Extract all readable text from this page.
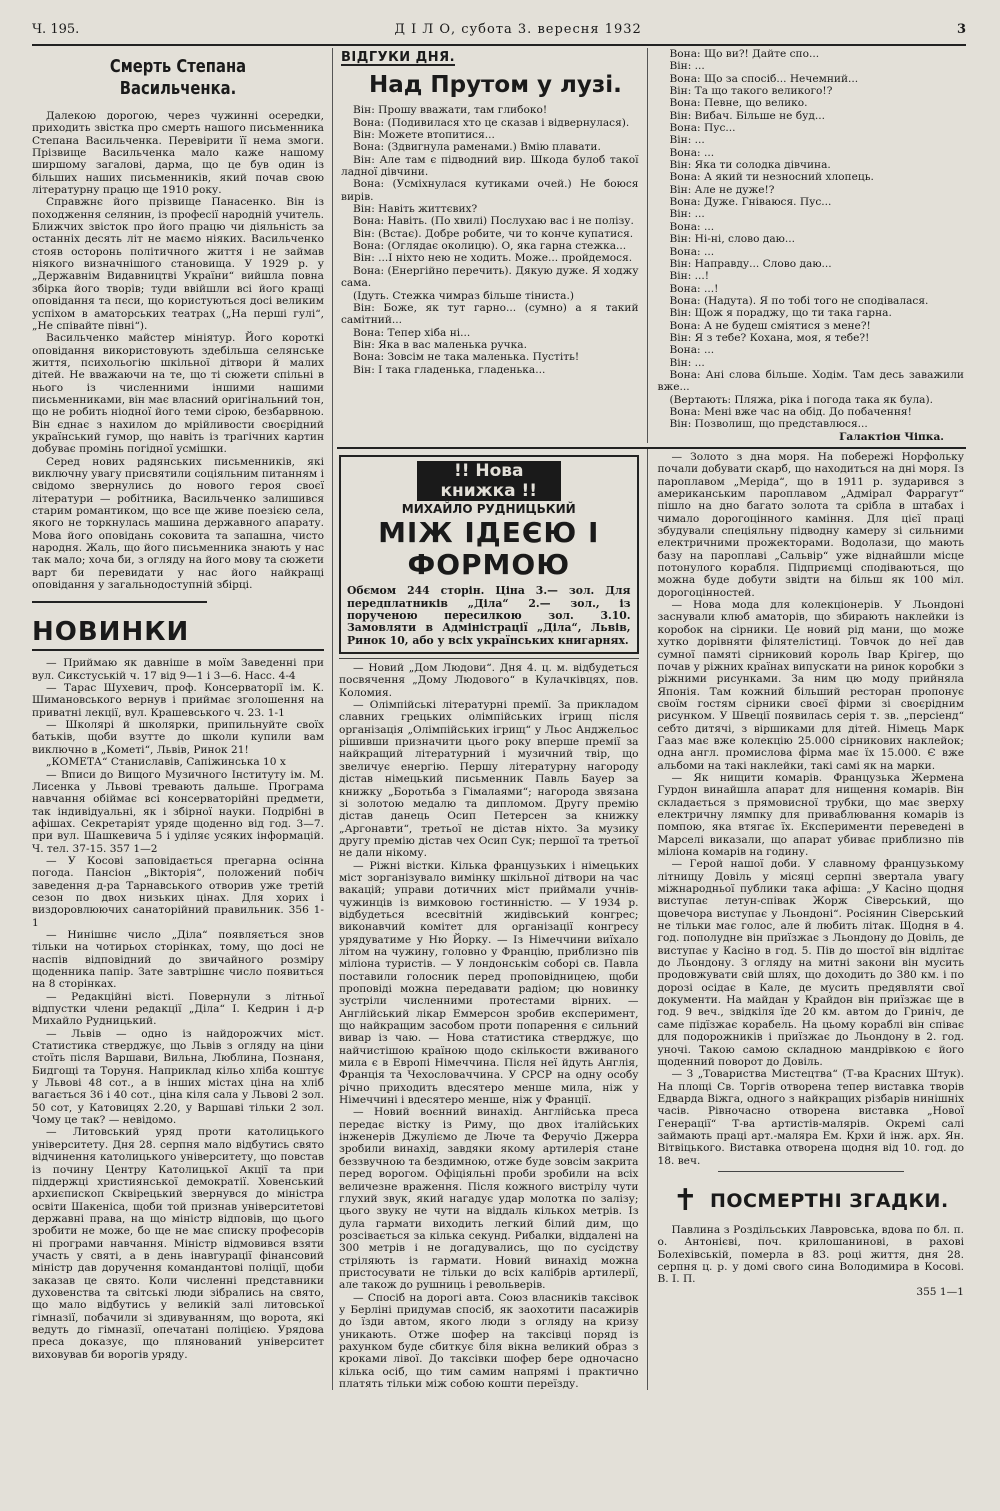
Ч. 195.	Д І Л О, субота 3. вересня 1932	3
Смерть Степана Васильченка.

Далекою дорогою, через чужинні осередки, приходить звістка про смерть нашого письменника Степана Васильченка. Перевірити її нема змоги. Прізвище Васильченка мало каже нашому ширшому загалові, дарма, що це був один із більших наших письменників, який почав свою літературну працю ще 1910 року.

Справжнє його прізвище Панасенко. Він із походження селянин, із професії народній учитель. Ближчих звісток про його працю чи діяльність за останніх десять літ не маємо ніяких. Васильченко стояв осторонь політичного життя і не займав ніякого визначнішого становища. У 1929 р. у „Державнім Видавництві України“ вийшла повна збірка його творів; туди ввійшли всі його кращі оповідання та пєси, що користуються досі великим успіхом в аматорських театрах („На перші гулі“, „Не співайте півні“).

Васильченко майстер мініятур. Його короткі оповідання використовують здебільша селянське життя, психольогію шкільної дітвори й малих дітей. Не вважаючи на те, що ті сюжети спільні в нього із численними іншими нашими письменниками, він має власний оригінальний тон, що не робить ніодної його теми сірою, безбарвною. Він єднає з нахилом до мрійливости своєрідний український гумор, що навіть із трагічних картин добуває промінь погідної усмішки.

Серед нових радянських письменників, які виключну увагу присвятили соціяльним питанням і свідомо звернулись до нового героя своєї літератури — робітника, Васильченко залишився старим романтиком, що все ще живе поезією села, якого не торкнулась машина державного апарату. Мова його оповідань соковита та запашна, чисто народня. Жаль, що його письменника знають у нас так мало; хоча би, з огляду на його мову та сюжети варт би перевидати у нас його найкращі оповідання у загальнодоступній збірці.

НОВИНКИ

— Приймаю як давніше в моїм Заведенні при вул. Сикстуській ч. 17 від 9—1 і 3—6. Насс. 4-4

— Тарас Шухевич, проф. Консерваторії ім. К. Шимановського вернув і приймає зголошення на приватні лекції, вул. Крашевського ч. 23. 1-1

— Школярі й школярки, припильнуйте своїх батьків, щоби взутте до школи купили вам виключно в „Кометі“, Львів, Ринок 21!

„КОМЕТА“ Станиславів, Сапіжинська 10 х

— Вписи до Вищого Музичного Інституту ім. М. Лисенка у Львові тревають дальше. Програма навчання обіймає всі консерваторійні предмети, так індивідуальні, як і збірної науки. Подрібні в афішах. Секретаріят уряде щоденно від год. 3—7. при вул. Шашкевича 5 і уділяє усяких інформацій. Ч. тел. 37-15. 357 1—2

— У Косові заповідається прегарна осінна погода. Пансіон „Вікторія“, положений побіч заведення д-ра Тарнавського отворив уже третій сезон по двох низьких цінах. Для хорих і виздоровлюючих санаторійний правильник. 356 1-1

— Нинішнє число „Діла“ появляється знов тільки на чотирьох сторінках, тому, що досі не наспів відповідний до звичайного розміру щоденника папір. Зате завтрішнє число появиться на 8 сторінках.

— Редакційні вісті. Повернули з літньої відпустки члени редакції „Діла“ І. Кедрин і д-р Михайло Рудницький.

— Львів — одно із найдорожчих міст. Статистика стверджує, що Львів з огляду на ціни стоїть після Варшави, Вильна, Люблина, Познаня, Бидгощі та Торуня. Наприклад кільо хліба коштує у Львові 48 сот., а в інших містах ціна на хліб вагається 36 і 40 сот., ціна кіля сала у Львові 2 зол. 50 сот, у Катовицях 2.20, у Варшаві тільки 2 зол. Чому це так? — невідомо.

— Литовський уряд проти католицького університету. Дня 28. серпня мало відбутись свято відчинення католицького університету, що повстав із почину Центру Католицької Акції та при піддержці християнської демократії. Ховенський архиєпископ Сквірецький звернувся до міністра освіти Шакеніса, щоби той признав університетові державні права, на що міністр відповів, що цього зробити не може, бо ще не має списку професорів ні програми навчання. Міністр відмовився взяти участь у святі, а в день інавгурації фінансовий міністр дав доручення командантові поліції, щоби заказав це свято. Коли численні представники духовенства та світські люди зібрались на свято, що мало відбутись у великій залі литовської гімназії, побачили зі здивуванням, що ворота, які ведуть до гімназії, опечатані поліцією. Урядова преса доказує, що плянований університет виховував би ворогів уряду.

ВІДГУКИ ДНЯ.
Над Прутом у лузі.

Він: Прошу вважати, там глибоко!

Вона: (Подивилася хто це сказав і відвернулася).

Він: Можете втопитися...

Вона: (Здвигнула раменами.) Вмію плавати.

Він: Але там є підводний вир. Шкода булоб такої ладної дівчини.

Вона: (Усміхнулася кутиками очей.) Не боюся вирів.

Він: Навіть життєвих?

Вона: Навіть. (По хвилі) Послухаю вас і не полізу.

Він: (Встає). Добре робите, чи то конче купатися.

Вона: (Оглядає околицю). О, яка гарна стежка...

Він: ...І ніхто нею не ходить. Може... пройдемося.

Вона: (Енергійно перечить). Дякую дуже. Я ходжу сама.

(Ідуть. Стежка чимраз більше тіниста.)

Він: Боже, як тут гарно... (сумно) а я такий самітний...

Вона: Тепер хіба ні...

Він: Яка в вас маленька ручка.

Вона: Зовсім не така маленька. Пустіть!

Він: І така гладенька, гладенька...

Вона: Що ви?! Дайте спо...

Він: ...

Вона: Що за спосіб... Нечемний...

Він: Та що такого великого!?

Вона: Певне, що велико.

Він: Вибач. Більше не буд...

Вона: Пус...

Він: ...

Вона: ...

Він: Яка ти солодка дівчина.

Вона: А який ти незносний хлопець.

Він: Але не дуже!?

Вона: Дуже. Гніваюся. Пус...

Він: ...

Вона: ...

Він: Ні-ні, слово даю...

Вона: ...

Він: Направду... Слово даю...

Він: ...!

Вона: ...!

Вона: (Надута). Я по тобі того не сподівалася.

Він: Щож я пораджу, що ти така гарна.

Вона: А не будеш сміятися з мене?!

Він: Я з тебе? Кохана, моя, я тебе?!

Вона: ...

Він: ...

Вона: Ані слова більше. Ходім. Там десь заважили вже...

(Вертають: Пляжа, ріка і погода така як була).

Вона: Мені вже час на обід. До побачення!

Він: Позволиш, що представлюся...

Галактіон Чіпка.
!! Нова книжка !!
МИХАЙЛО РУДНИЦЬКИЙ
МІЖ ІДЕЄЮ І ФОРМОЮ
Обємом 244 сторін. Ціна 3.— зол. Для передплатників „Діла“ 2.— зол., із порученою пересилкою зол. 3.10. Замовляти в Адміністрації „Діла“, Львів, Ринок 10, або у всіх українських книгарнях.

— Новий „Дом Людови“. Дня 4. ц. м. відбудеться посвячення „Дому Людового“ в Кулачківцях, пов. Коломия.

— Олімпійські літературні премії. За прикладом славних грецьких олімпійських ігрищ після організація „Олімпійських ігрищ“ у Льос Анджельос рішивши призначити цього року вперше премії за найкращий літературний і музичний твір, що звеличує енергію. Першу літературну нагороду дістав німецький письменник Павль Бауер за книжку „Боротьба з Гімалаями“; нагорода звязана зі золотою медалю та дипломом. Другу премію дістав данець Осип Петерсен за книжку „Аргонавти“, третьої не дістав ніхто. За музику другу премію дістав чех Осип Сук; першої та третьої не дали нікому.

— Ріжні вістки. Кілька французьких і німецьких міст зорганізувало вимінку шкільної дітвори на час вакацій; управи дотичних міст приймали учнів-чужинців із вимковою гостинністю. — У 1934 р. відбудеться всесвітній жидівський конгрес; виконавчий комітет для організації конгресу урядуватиме у Ню Йорку. — Із Німеччини виїхало літом на чужину, головно у Францію, приблизно пів міліона туристів. — У лондонськім соборі св. Павла поставили голосник перед проповідницею, щоби проповіді можна передавати радіом; цю новинку зустріли численними протестами вірних. — Англійський лікар Еммерсон зробив експеримент, що найкращим засобом проти попарення є сильний вивар із чаю. — Нова статистика стверджує, що найчистішою країною щодо скількости вживаного мила є в Европі Німеччина. Після неї йдуть Англія, Франція та Чехословаччина. У СРСР на одну особу річно приходить вдесятеро менше мила, ніж у Німеччині і вдесятеро менше, ніж у Франції.

— Новий воєнний винахід. Англійська преса передає вістку із Риму, що двох італійських інженерів Джуліємо де Люче та Феручіо Джерра зробили винахід, завдяки якому артилерія стане беззвучною та бездимною, отже буде зовсім закрита перед ворогом. Офіціяльні проби зробили на всіх величезне враження. Після кожного вистрілу чути глухий звук, який нагадує удар молотка по залізу; цього звуку не чути на віддаль кількох метрів. Із дула гармати виходить легкий білий дим, що розсівається за кілька секунд. Рибалки, віддалені на 300 метрів і не догадувались, що по сусідству стріляють із гармати. Новий винахід можна пристосувати не тільки до всіх калібрів артилерії, але також до рушниць і револьверів.

— Спосіб на дорогі авта. Союз власників таксівок у Берліні придумав спосіб, як заохотити пасажирів до їзди автом, якого люди з огляду на кризу уникають. Отже шофер на таксівці поряд із рахунком буде сбиткує біля вікна великий образ з кроками лівої. До таксівки шофер бере одночасно кілька осіб, що тим самим напрямі і практично платять тільки між собою кошти переїзду.

— Золото з дна моря. На побережі Норфольку почали добувати скарб, що находиться на дні моря. Із пароплавом „Меріда“, що в 1911 р. зударився з американським пароплавом „Адмірал Фаррагут“ пішло на дно багато золота та срібла в штабах і чимало дорогоцінного каміння. Для цієї праці збудували спеціяльну підводну камеру зі сильними електричними прожекторами. Водолази, що мають базу на пароплаві „Сальвір“ уже віднайшли місце потонулого корабля. Підприємці сподіваються, що можна буде добути звідти на більш як 100 міл. дорогоцінностей.

— Нова мода для колекціонерів. У Льондоні заснували клюб аматорів, що збирають наклейки із коробок на сірники. Це новий рід мани, що може хутко дорівняти філятелістиці. Товчок до неї дав сумної памяті сірниковий король Івар Крігер, що почав у ріжних країнах випускати на ринок коробки з ріжними рисунками. За ним цю моду прийняла Японія. Там кожний більший ресторан пропонує своїм гостям сірники своєї фірми зі своєрідним рисунком. У Швеції появилась серія т. зв. „персіенд“ себто дитячі, з віршиками для дітей. Німець Марк Гааз має вже колекцію 25.000 сірникових наклейок; одна англ. промислова фірма має їх 15.000. Є вже альбоми на такі наклейки, такі самі як на марки.

— Як нищити комарів. Французька Жермена Гурдон винайшла апарат для нищення комарів. Він складається з прямовисної трубки, що має зверху електричну лямпку для приваблювання комарів із помпою, яка втягає їх. Експерименти переведені в Марселі виказали, що апарат убиває приблизно пів міліона комарів на годину.

— Герой нашої доби. У славному французькому літнищу Довіль у місяці серпні звертала увагу міжнародньої публики така афіша: „У Касіно щодня виступає летун-співак Жорж Сіверський, що щовечора виступає у Льондоні“. Росіянин Сіверський не тільки має голос, але й любить літак. Щодня в 4. год. пополудне він приїзжає з Льондону до Довіль, де виступає у Касіно в год. 5. Пів до шостої він відлітає до Льондону. З огляду на митні закони він мусить продовжувати свій шлях, що доходить до 380 км. і по дорозі осідає в Кале, де мусить предявляти свої документи. На майдан у Крайдон він приїзжає ще в год. 9 веч., звідкіля їде 20 км. автом до Гриніч, де саме підїзжає корабель. На цьому кораблі він співає для подорожників і приїзжає до Льондону в 2. год. уночі. Такою самою складною мандрівкою є його щоденний поворот до Довіль.

— З „Товариства Мистецтва“ (Т-ва Красних Штук). На площі Св. Торгів отворена тепер виставка творів Едварда Віжга, одного з найкращих різбарів нинішніх часів. Рівночасно отворена виставка „Нової Генерації“ Т-ва артистів-малярів. Окремі салі займають праці арт.-маляра Ем. Крхи й інж. арх. Ян. Вітвіцького. Виставка отворена щодня від 10. год. до 18. веч.

✝ ПОСМЕРТНІ ЗГАДКИ.

Павлина з Роздільських Лавровська, вдова по бл. п. о. Антонієві, поч. крилошанинові, в рахові Болехівській, померла в 83. році життя, дня 28. серпня ц. р. у домі свого сина Володимира в Косові. В. І. П.

355 1—1
